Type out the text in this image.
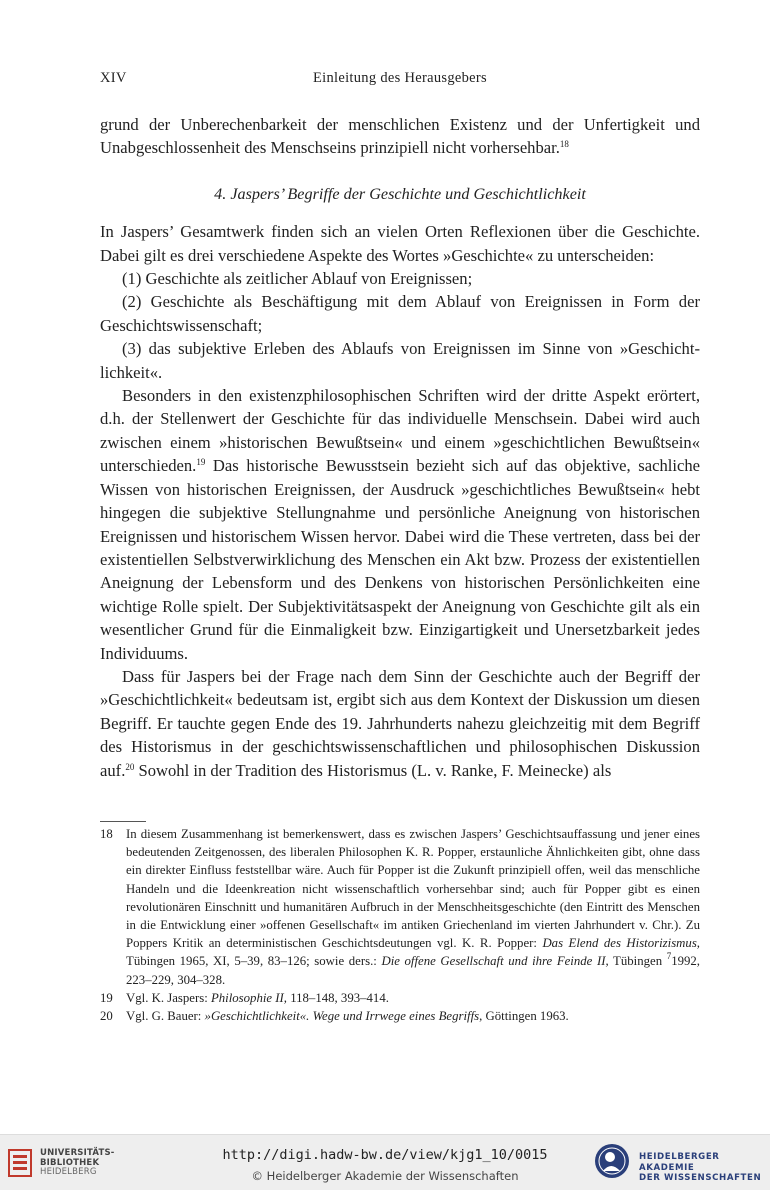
XIV	Einleitung des Herausgebers

grund der Unberechenbarkeit der menschlichen Existenz und der Unfertigkeit und Unabgeschlossenheit des Menschseins prinzipiell nicht vorhersehbar.$^{18}$

4. Jaspers’ Begriffe der Geschichte und Geschichtlichkeit

In Jaspers’ Gesamtwerk finden sich an vielen Orten Reflexionen über die Geschichte. Dabei gilt es drei verschiedene Aspekte des Wortes »Geschichte« zu unterscheiden:

(1) Geschichte als zeitlicher Ablauf von Ereignissen;

(2) Geschichte als Beschäftigung mit dem Ablauf von Ereignissen in Form der Geschichtswissenschaft;

(3) das subjektive Erleben des Ablaufs von Ereignissen im Sinne von »Geschichtlichkeit«.

Besonders in den existenzphilosophischen Schriften wird der dritte Aspekt erörtert, d.h. der Stellenwert der Geschichte für das individuelle Menschsein. Dabei wird auch zwischen einem »historischen Bewußtsein« und einem »geschichtlichen Bewußtsein« unterschieden.$^{19}$ Das historische Bewusstsein bezieht sich auf das objektive, sachliche Wissen von historischen Ereignissen, der Ausdruck »geschichtliches Bewußtsein« hebt hingegen die subjektive Stellungnahme und persönliche Aneignung von historischen Ereignissen und historischem Wissen hervor. Dabei wird die These vertreten, dass bei der existentiellen Selbstverwirklichung des Menschen ein Akt bzw. Prozess der existentiellen Aneignung der Lebensform und des Denkens von historischen Persönlichkeiten eine wichtige Rolle spielt. Der Subjektivitätsaspekt der Aneignung von Geschichte gilt als ein wesentlicher Grund für die Einmaligkeit bzw. Einzigartigkeit und Unersetzbarkeit jedes Individuums.

Dass für Jaspers bei der Frage nach dem Sinn der Geschichte auch der Begriff der »Geschichtlichkeit« bedeutsam ist, ergibt sich aus dem Kontext der Diskussion um diesen Begriff. Er tauchte gegen Ende des 19. Jahrhunderts nahezu gleichzeitig mit dem Begriff des Historismus in der geschichtswissenschaftlichen und philosophischen Diskussion auf.$^{20}$ Sowohl in der Tradition des Historismus (L. v. Ranke, F. Meinecke) als

18 In diesem Zusammenhang ist bemerkenswert, dass es zwischen Jaspers’ Geschichtsauffassung und jener eines bedeutenden Zeitgenossen, des liberalen Philosophen K. R. Popper, erstaunliche Ähnlichkeiten gibt, ohne dass ein direkter Einfluss feststellbar wäre. Auch für Popper ist die Zukunft prinzipiell offen, weil das menschliche Handeln und die Ideenkreation nicht wissenschaftlich vorhersehbar sind; auch für Popper gibt es einen revolutionären Einschnitt und humanitären Aufbruch in der Menschheitsgeschichte (den Eintritt des Menschen in die Entwicklung einer »offenen Gesellschaft« im antiken Griechenland im vierten Jahrhundert v. Chr.). Zu Poppers Kritik an deterministischen Geschichtsdeutungen vgl. K. R. Popper: Das Elend des Historizismus, Tübingen 1965, XI, 5–39, 83–126; sowie ders.: Die offene Gesellschaft und ihre Feinde II, Tübingen $^7$1992, 223–229, 304–328.
19 Vgl. K. Jaspers: Philosophie II, 118–148, 393–414.
20 Vgl. G. Bauer: »Geschichtlichkeit«. Wege und Irrwege eines Begriffs, Göttingen 1963.
UNIVERSITÄTS-
BIBLIOTHEK
HEIDELBERG
http://digi.hadw-bw.de/view/kjg1_10/0015
© Heidelberger Akademie der Wissenschaften
HEIDELBERGER AKADEMIE
DER WISSENSCHAFTEN
